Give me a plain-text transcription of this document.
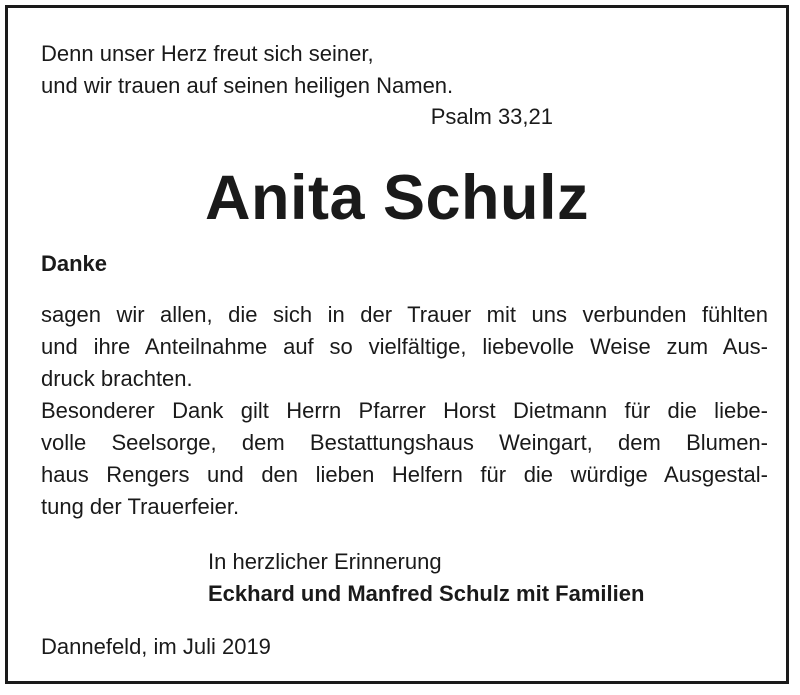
Denn unser Herz freut sich seiner,
und wir trauen auf seinen heiligen Namen.
Psalm 33,21
Anita Schulz
Danke
sagen wir allen, die sich in der Trauer mit uns verbunden fühlten
und ihre Anteilnahme auf so vielfältige, liebevolle Weise zum Aus-
druck brachten.
Besonderer Dank gilt Herrn Pfarrer Horst Dietmann für die liebe-
volle Seelsorge, dem Bestattungshaus Weingart, dem Blumen-
haus Rengers und den lieben Helfern für die würdige Ausgestal-
tung der Trauerfeier.
In herzlicher Erinnerung
Eckhard und Manfred Schulz mit Familien
Dannefeld, im Juli 2019
